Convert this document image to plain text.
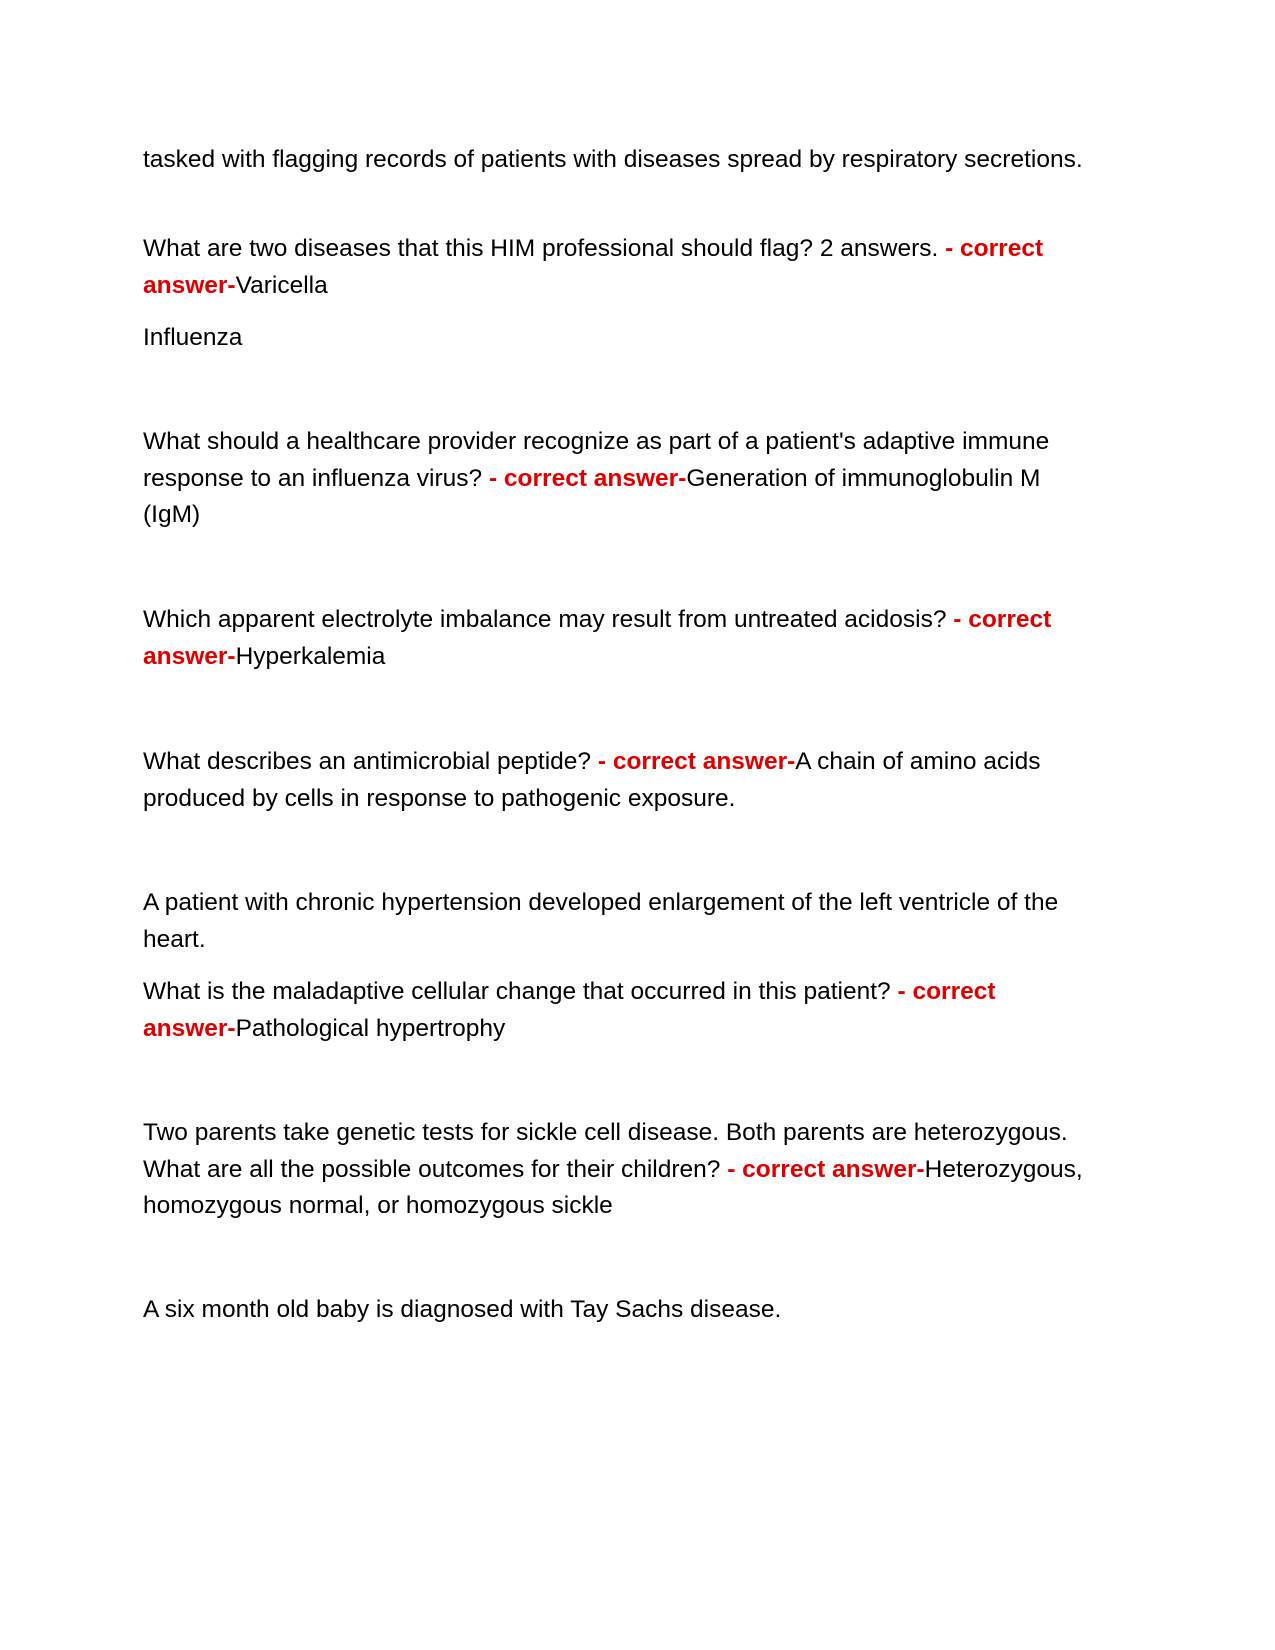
tasked with flagging records of patients with diseases spread by respiratory secretions.

What are two diseases that this HIM professional should flag? 2 answers. - correct answer-Varicella

Influenza

What should a healthcare provider recognize as part of a patient's adaptive immune response to an influenza virus? - correct answer-Generation of immunoglobulin M (IgM)

Which apparent electrolyte imbalance may result from untreated acidosis? - correct answer-Hyperkalemia

What describes an antimicrobial peptide? - correct answer-A chain of amino acids produced by cells in response to pathogenic exposure.

A patient with chronic hypertension developed enlargement of the left ventricle of the heart.

What is the maladaptive cellular change that occurred in this patient? - correct answer-Pathological hypertrophy

Two parents take genetic tests for sickle cell disease. Both parents are heterozygous. What are all the possible outcomes for their children? - correct answer-Heterozygous, homozygous normal, or homozygous sickle

A six month old baby is diagnosed with Tay Sachs disease.
